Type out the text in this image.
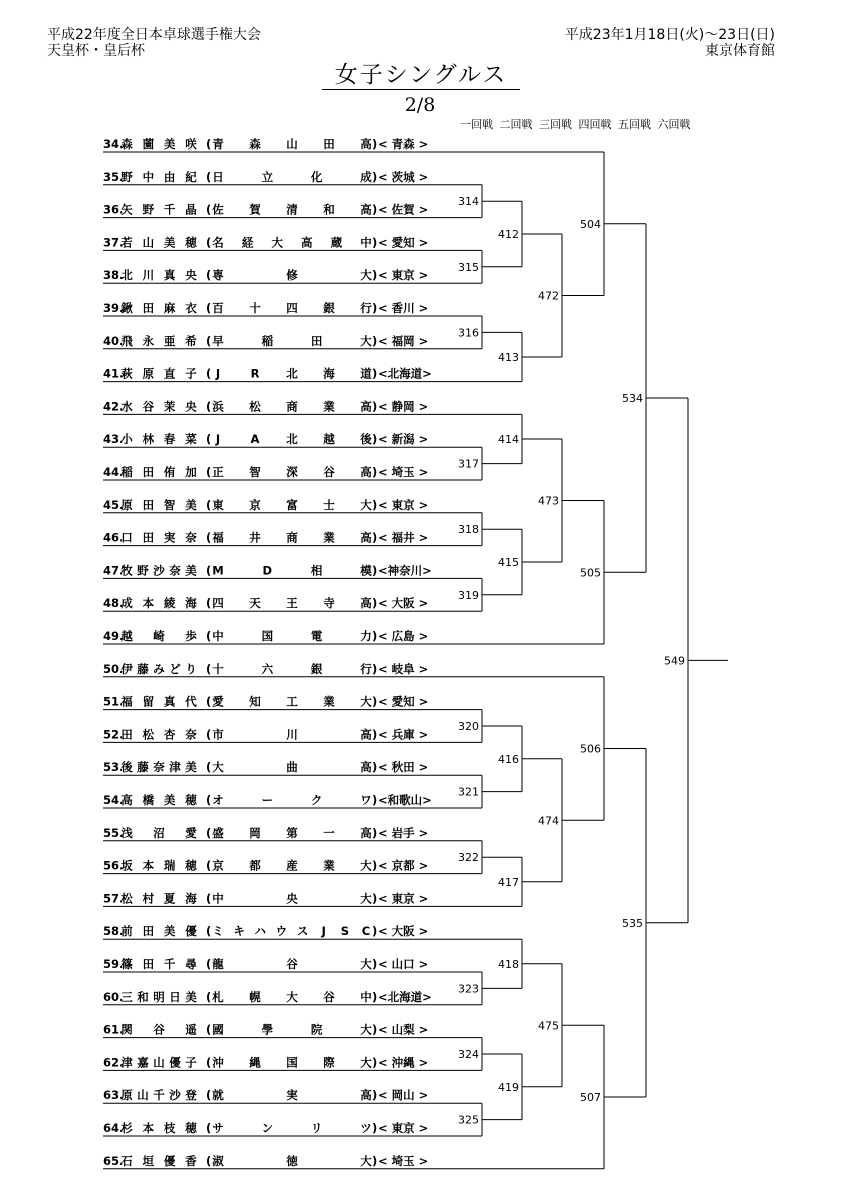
平成22年度全日本卓球選手権大会
天皇杯・皇后杯
平成23年1月18日(火)～23日(日)
東京体育館
女子シングルス
2/8
一回戦 二回戦 三回戦 四回戦 五回戦 六回戦
34.
森 薗 美 咲 ( 青 森 山 田 高 ) < 青森 >
35.
野 中 由 紀 ( 日	立	化	成 ) < 茨城 >
36.
矢 野 千 晶 ( 佐 賀 清 和 高 ) < 佐賀 >
37.
若 山 美 穂 ( 名 経 大 高 蔵 中 ) < 愛知 >
38.
北 川 真 央 ( 専	修	大 ) < 東京 >
39.
鍬 田 麻 衣 ( 百 十 四 銀 行 ) < 香川 >
40.
飛 永 亜 希 ( 早	稲	田	大 ) < 福岡 >
41.
萩 原 直 子 ( J	R 北 海 道 ) <北海道>
42.
水 谷 茉 央 ( 浜 松 商 業 高 ) < 静岡 >
43.
小 林 春 菜 ( J	A 北 越 後 ) < 新潟 >
44.
稲 田 侑 加 ( 正 智 深 谷 高 ) < 埼玉 >
45.
原 田 智 美 ( 東 京 富 士 大 ) < 東京 >
46.
口 田 実 奈 ( 福 井 商 業 高 ) < 福井 >
47.
牧 野 沙 奈 美 ( M	D	相	模 ) <神奈川>
48.
成 本 綾 海 ( 四 天 王 寺 高 ) < 大阪 >
49.
越 崎 歩 ( 中	国	電	力 ) < 広島 >
50.
伊 藤 み ど り ( 十	六	銀	行 ) < 岐阜 >
51.
福 留 真 代 ( 愛 知 工 業 大 ) < 愛知 >
52.
田 松 杏 奈 ( 市	川	高 ) < 兵庫 >
53.
後 藤 奈 津 美 ( 大	曲	高 ) < 秋田 >
54.
高 橋 美 穂 ( オ	ー	ク	ワ ) <和歌山>
55.
浅 沼 愛 ( 盛 岡 第 一 高 ) < 岩手 >
56.
坂 本 瑞 穂 ( 京 都 産 業 大 ) < 京都 >
57.
松 村 夏 海 ( 中	央	大 ) < 東京 >
58.
前 田 美 優 ( ミ キ ハ ウ ス J S C ) < 大阪 >
59.
篠 田 千 尋 ( 龍	谷	大 ) < 山口 >
60.
三 和 明 日 美 ( 札 幌 大 谷 中 ) <北海道>
61.
関 谷 遥 ( 國	學	院	大 ) < 山梨 >
62.
津 嘉 山 優 子 ( 沖 縄 国 際 大 ) < 沖縄 >
63.
原 山 千 沙 登 ( 就	実	高 ) < 岡山 >
64.
杉 本 枝 穂 ( サ	ン	リ	ツ ) < 東京 >
65.
石 垣 優 香 ( 淑	徳	大 ) < 埼玉 >
314
315
316
317
318
319
320
321
322
323
324
325
412
413
414
415
416
417
418
419
472
473
474
475
504
505
506
507
534
535
549
